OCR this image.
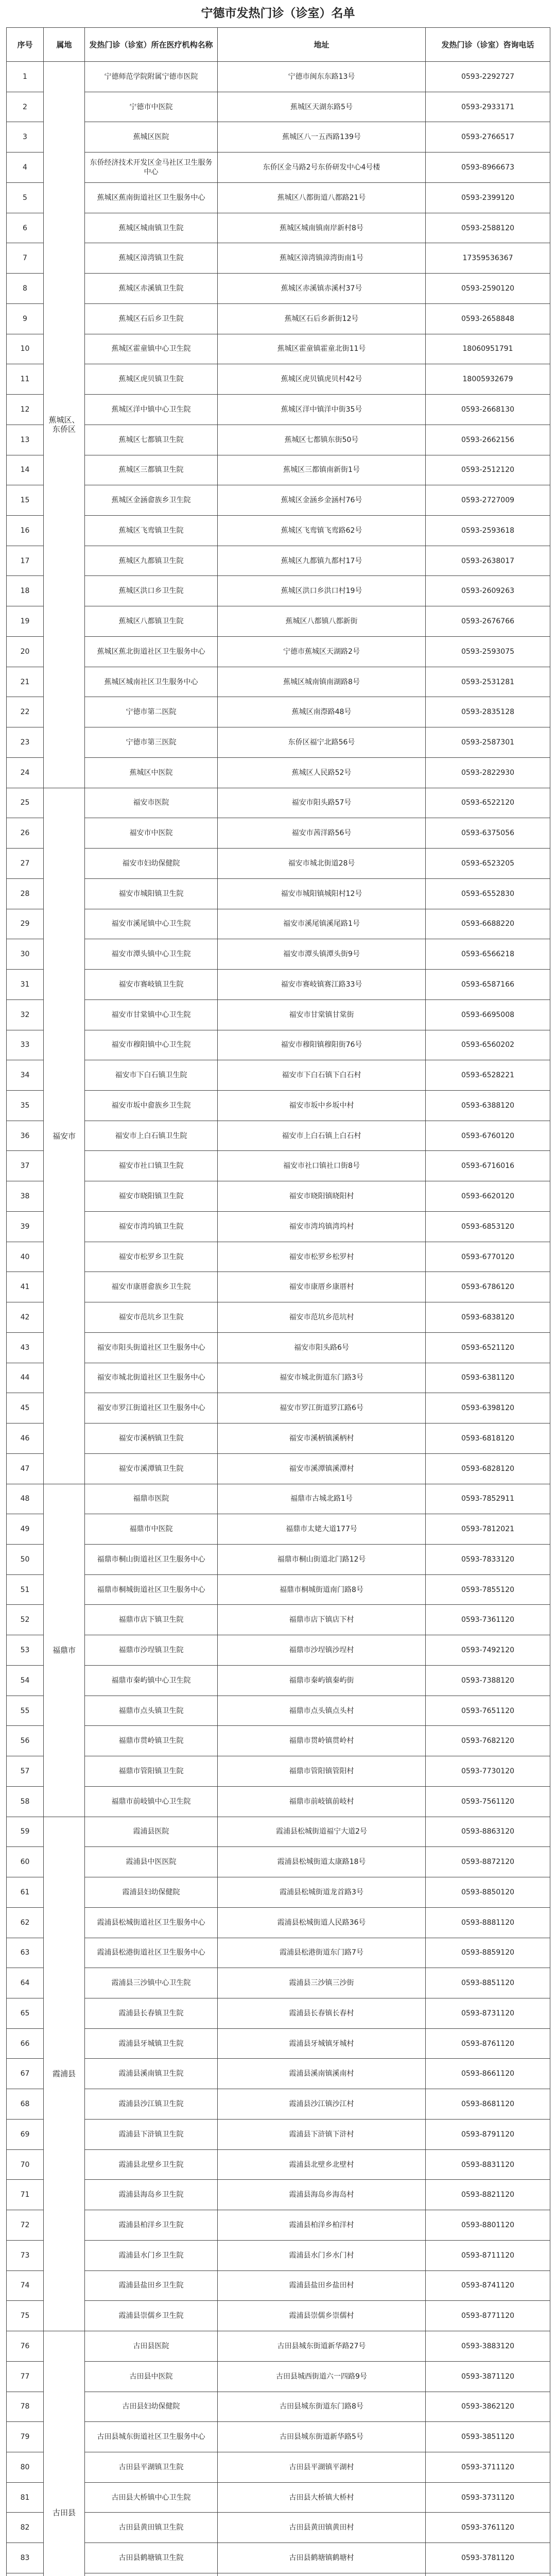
宁德市发热门诊（诊室）名单
序号	属地	发热门诊（诊室）所在医疗机构名称	地址	发热门诊（诊室）咨询电话
1	蕉城区、东侨区	宁德师范学院附属宁德市医院	宁德市闽东东路13号	0593-2292727
2		宁德市中医院	蕉城区天湖东路5号	0593-2933171
3		蕉城区医院	蕉城区八一五西路139号	0593-2766517
4		东侨经济技术开发区金马社区卫生服务中心	东侨区金马路2号东侨研发中心4号楼	0593-8966673
5		蕉城区蕉南街道社区卫生服务中心	蕉城区八都街道八都路21号	0593-2399120
6		蕉城区城南镇卫生院	蕉城区城南镇南岸新村8号	0593-2588120
7		蕉城区漳湾镇卫生院	蕉城区漳湾镇漳湾街南1号	17359536367
8		蕉城区赤溪镇卫生院	蕉城区赤溪镇赤溪村37号	0593-2590120
9		蕉城区石后乡卫生院	蕉城区石后乡新街12号	0593-2658848
10		蕉城区霍童镇中心卫生院	蕉城区霍童镇霍童北街11号	18060951791
11		蕉城区虎贝镇卫生院	蕉城区虎贝镇虎贝村42号	18005932679
12		蕉城区洋中镇中心卫生院	蕉城区洋中镇洋中街35号	0593-2668130
13		蕉城区七都镇卫生院	蕉城区七都镇东街50号	0593-2662156
14		蕉城区三都镇卫生院	蕉城区三都镇南新街1号	0593-2512120
15		蕉城区金涵畲族乡卫生院	蕉城区金涵乡金涵村76号	0593-2727009
16		蕉城区飞鸾镇卫生院	蕉城区飞鸾镇飞鸾路62号	0593-2593618
17		蕉城区九都镇卫生院	蕉城区九都镇九都村17号	0593-2638017
18		蕉城区洪口乡卫生院	蕉城区洪口乡洪口村19号	0593-2609263
19		蕉城区八都镇卫生院	蕉城区八都镇八都新街	0593-2676766
20		蕉城区蕉北街道社区卫生服务中心	宁德市蕉城区天湖路2号	0593-2593075
21		蕉城区城南社区卫生服务中心	蕉城区城南镇南湖路8号	0593-2531281
22		宁德市第二医院	蕉城区南漈路48号	0593-2835128
23		宁德市第三医院	东侨区福宁北路56号	0593-2587301
24		蕉城区中医院	蕉城区人民路52号	0593-2822930
25	福安市	福安市医院	福安市阳头路57号	0593-6522120
26		福安市中医院	福安市茜洋路56号	0593-6375056
27		福安市妇幼保健院	福安市城北街道28号	0593-6523205
28		福安市城阳镇卫生院	福安市城阳镇城阳村12号	0593-6552830
29		福安市溪尾镇中心卫生院	福安市溪尾镇溪尾路1号	0593-6688220
30		福安市潭头镇中心卫生院	福安市潭头镇潭头街9号	0593-6566218
31		福安市赛岐镇卫生院	福安市赛岐镇赛江路33号	0593-6587166
32		福安市甘棠镇中心卫生院	福安市甘棠镇甘棠街	0593-6695008
33		福安市穆阳镇中心卫生院	福安市穆阳镇穆阳街76号	0593-6560202
34		福安市下白石镇卫生院	福安市下白石镇下白石村	0593-6528221
35		福安市坂中畲族乡卫生院	福安市坂中乡坂中村	0593-6388120
36		福安市上白石镇卫生院	福安市上白石镇上白石村	0593-6760120
37		福安市社口镇卫生院	福安市社口镇社口街8号	0593-6716016
38		福安市晓阳镇卫生院	福安市晓阳镇晓阳村	0593-6620120
39		福安市湾坞镇卫生院	福安市湾坞镇湾坞村	0593-6853120
40		福安市松罗乡卫生院	福安市松罗乡松罗村	0593-6770120
41		福安市康厝畲族乡卫生院	福安市康厝乡康厝村	0593-6786120
42		福安市范坑乡卫生院	福安市范坑乡范坑村	0593-6838120
43		福安市阳头街道社区卫生服务中心	福安市阳头路6号	0593-6521120
44		福安市城北街道社区卫生服务中心	福安市城北街道东门路3号	0593-6381120
45		福安市罗江街道社区卫生服务中心	福安市罗江街道罗江路6号	0593-6398120
46		福安市溪柄镇卫生院	福安市溪柄镇溪柄村	0593-6818120
47		福安市溪潭镇卫生院	福安市溪潭镇溪潭村	0593-6828120
48	福鼎市	福鼎市医院	福鼎市古城北路1号	0593-7852911
49		福鼎市中医院	福鼎市太姥大道177号	0593-7812021
50		福鼎市桐山街道社区卫生服务中心	福鼎市桐山街道北门路12号	0593-7833120
51		福鼎市桐城街道社区卫生服务中心	福鼎市桐城街道南门路8号	0593-7855120
52		福鼎市店下镇卫生院	福鼎市店下镇店下村	0593-7361120
53		福鼎市沙埕镇卫生院	福鼎市沙埕镇沙埕村	0593-7492120
54		福鼎市秦屿镇中心卫生院	福鼎市秦屿镇秦屿街	0593-7388120
55		福鼎市点头镇卫生院	福鼎市点头镇点头村	0593-7651120
56		福鼎市贯岭镇卫生院	福鼎市贯岭镇贯岭村	0593-7682120
57		福鼎市管阳镇卫生院	福鼎市管阳镇管阳村	0593-7730120
58		福鼎市前岐镇中心卫生院	福鼎市前岐镇前岐村	0593-7561120
59	霞浦县	霞浦县医院	霞浦县松城街道福宁大道2号	0593-8863120
60		霞浦县中医医院	霞浦县松城街道太康路18号	0593-8872120
61		霞浦县妇幼保健院	霞浦县松城街道龙首路3号	0593-8850120
62		霞浦县松城街道社区卫生服务中心	霞浦县松城街道人民路36号	0593-8881120
63		霞浦县松港街道社区卫生服务中心	霞浦县松港街道东门路7号	0593-8859120
64		霞浦县三沙镇中心卫生院	霞浦县三沙镇三沙街	0593-8851120
65		霞浦县长春镇卫生院	霞浦县长春镇长春村	0593-8731120
66		霞浦县牙城镇卫生院	霞浦县牙城镇牙城村	0593-8761120
67		霞浦县溪南镇卫生院	霞浦县溪南镇溪南村	0593-8661120
68		霞浦县沙江镇卫生院	霞浦县沙江镇沙江村	0593-8681120
69		霞浦县下浒镇卫生院	霞浦县下浒镇下浒村	0593-8791120
70		霞浦县北壁乡卫生院	霞浦县北壁乡北壁村	0593-8831120
71		霞浦县海岛乡卫生院	霞浦县海岛乡海岛村	0593-8821120
72		霞浦县柏洋乡卫生院	霞浦县柏洋乡柏洋村	0593-8801120
73		霞浦县水门乡卫生院	霞浦县水门乡水门村	0593-8711120
74		霞浦县盐田乡卫生院	霞浦县盐田乡盐田村	0593-8741120
75		霞浦县崇儒乡卫生院	霞浦县崇儒乡崇儒村	0593-8771120
76	古田县	古田县医院	古田县城东街道新华路27号	0593-3883120
77		古田县中医院	古田县城西街道六一四路9号	0593-3871120
78		古田县妇幼保健院	古田县城东街道东门路8号	0593-3862120
79		古田县城东街道社区卫生服务中心	古田县城东街道新华路5号	0593-3851120
80		古田县平湖镇卫生院	古田县平湖镇平湖村	0593-3711120
81		古田县大桥镇中心卫生院	古田县大桥镇大桥村	0593-3731120
82		古田县黄田镇卫生院	古田县黄田镇黄田村	0593-3761120
83		古田县鹤塘镇卫生院	古田县鹤塘镇鹤塘村	0593-3781120
